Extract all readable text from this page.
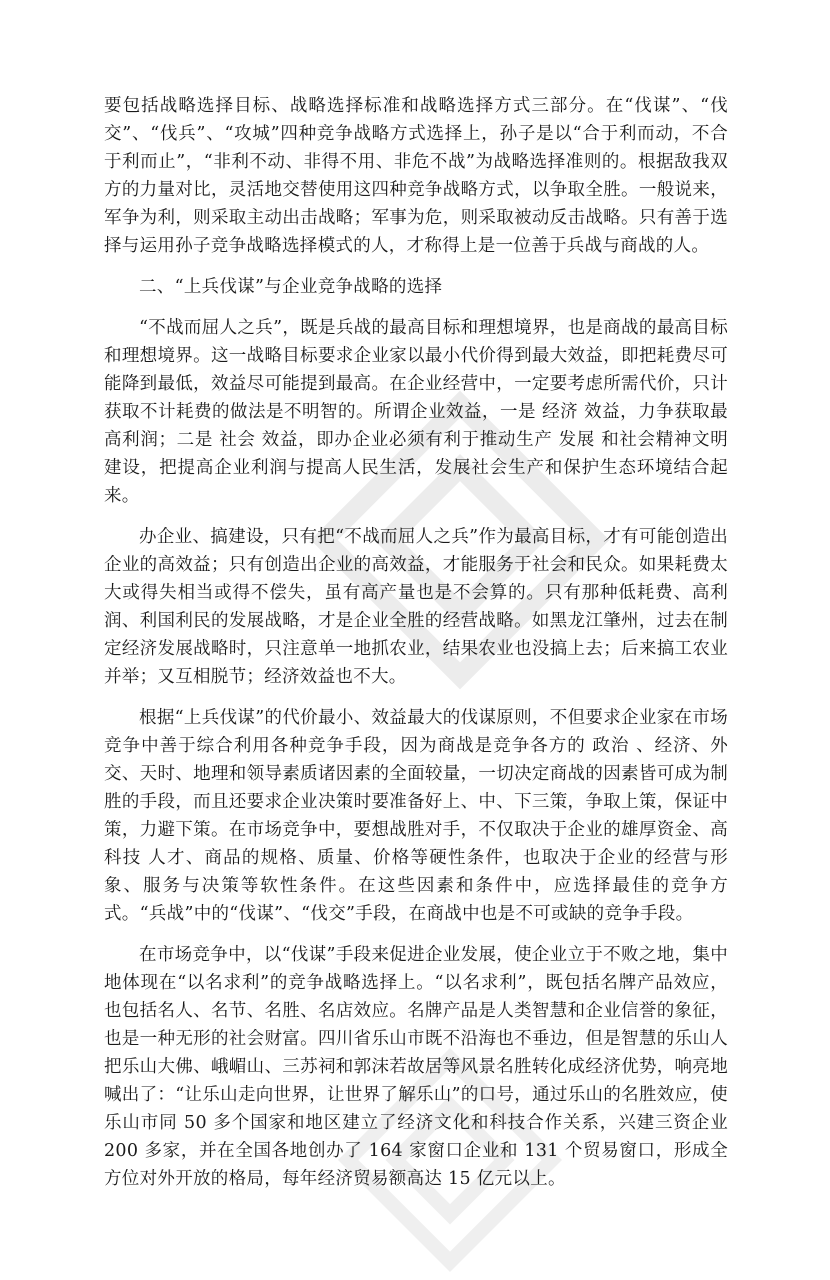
要包括战略选择目标、战略选择标准和战略选择方式三部分。在“伐谋”、“伐交”、“伐兵”、“攻城”四种竞争战略方式选择上，孙子是以“合于利而动，不合于利而止”，“非利不动、非得不用、非危不战”为战略选择准则的。根据敌我双方的力量对比，灵活地交替使用这四种竞争战略方式，以争取全胜。一般说来，军争为利，则采取主动出击战略；军事为危，则采取被动反击战略。只有善于选择与运用孙子竞争战略选择模式的人，才称得上是一位善于兵战与商战的人。

二、“上兵伐谋”与企业竞争战略的选择

“不战而屈人之兵”，既是兵战的最高目标和理想境界，也是商战的最高目标和理想境界。这一战略目标要求企业家以最小代价得到最大效益，即把耗费尽可能降到最低，效益尽可能提到最高。在企业经营中，一定要考虑所需代价，只计获取不计耗费的做法是不明智的。所谓企业效益，一是 经济 效益，力争获取最高利润；二是 社会 效益，即办企业必须有利于推动生产 发展 和社会精神文明建设，把提高企业利润与提高人民生活，发展社会生产和保护生态环境结合起来。

办企业、搞建设，只有把“不战而屈人之兵”作为最高目标，才有可能创造出企业的高效益；只有创造出企业的高效益，才能服务于社会和民众。如果耗费太大或得失相当或得不偿失，虽有高产量也是不会算的。只有那种低耗费、高利润、利国利民的发展战略，才是企业全胜的经营战略。如黑龙江肇州，过去在制定经济发展战略时，只注意单一地抓农业，结果农业也没搞上去；后来搞工农业并举；又互相脱节；经济效益也不大。

根据“上兵伐谋”的代价最小、效益最大的伐谋原则，不但要求企业家在市场竞争中善于综合利用各种竞争手段，因为商战是竞争各方的 政治 、经济、外交、天时、地理和领导素质诸因素的全面较量，一切决定商战的因素皆可成为制胜的手段，而且还要求企业决策时要准备好上、中、下三策，争取上策，保证中策，力避下策。在市场竞争中，要想战胜对手，不仅取决于企业的雄厚资金、高 科技 人才、商品的规格、质量、价格等硬性条件，也取决于企业的经营与形象、服务与决策等软性条件。在这些因素和条件中，应选择最佳的竞争方式。“兵战”中的“伐谋”、“伐交”手段，在商战中也是不可或缺的竞争手段。

在市场竞争中，以“伐谋”手段来促进企业发展，使企业立于不败之地，集中地体现在“以名求利”的竞争战略选择上。“以名求利”，既包括名牌产品效应，也包括名人、名节、名胜、名店效应。名牌产品是人类智慧和企业信誉的象征，也是一种无形的社会财富。四川省乐山市既不沿海也不垂边，但是智慧的乐山人把乐山大佛、峨嵋山、三苏祠和郭沫若故居等风景名胜转化成经济优势，响亮地喊出了：“让乐山走向世界，让世界了解乐山”的口号，通过乐山的名胜效应，使乐山市同 50 多个国家和地区建立了经济文化和科技合作关系，兴建三资企业 200 多家，并在全国各地创办了 164 家窗口企业和 131 个贸易窗口，形成全方位对外开放的格局，每年经济贸易额高达 15 亿元以上。
